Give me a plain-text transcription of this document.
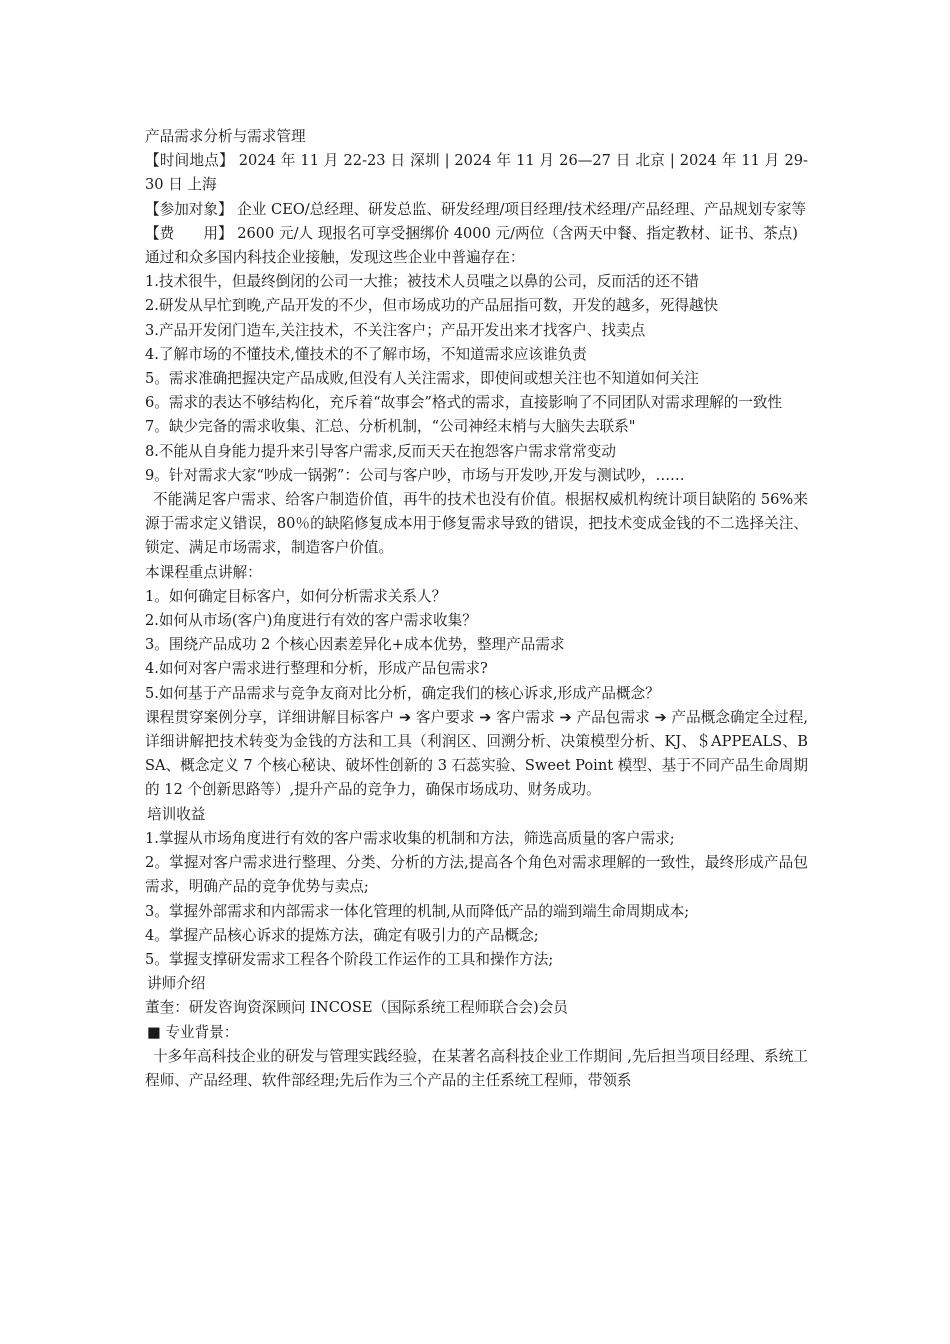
产品需求分析与需求管理

【时间地点】 2024 年 11 月 22-23 日 深圳 | 2024 年 11 月 26—27 日 北京 | 2024 年 11 月 29-30 日 上海

【参加对象】 企业 CEO/总经理、研发总监、研发经理/项目经理/技术经理/产品经理、产品规划专家等

【费　　用】 2600 元/人 现报名可享受捆绑价 4000 元/两位（含两天中餐、指定教材、证书、茶点)

通过和众多国内科技企业接触，发现这些企业中普遍存在：

1.技术很牛，但最终倒闭的公司一大推；被技术人员嗤之以鼻的公司，反而活的还不错

2.研发从早忙到晚,产品开发的不少，但市场成功的产品屈指可数，开发的越多，死得越快

3.产品开发闭门造车,关注技术，不关注客户；产品开发出来才找客户、找卖点

4.了解市场的不懂技术,懂技术的不了解市场，不知道需求应该谁负责

5。需求准确把握决定产品成败,但没有人关注需求，即使间或想关注也不知道如何关注

6。需求的表达不够结构化，充斥着“故事会”格式的需求，直接影响了不同团队对需求理解的一致性

7。缺少完备的需求收集、汇总、分析机制，“公司神经末梢与大脑失去联系"

8.不能从自身能力提升来引导客户需求,反而天天在抱怨客户需求常常变动

9。针对需求大家“吵成一锅粥”：公司与客户吵，市场与开发吵,开发与测试吵，……

不能满足客户需求、给客户制造价值，再牛的技术也没有价值。根据权威机构统计项目缺陷的 56%来源于需求定义错误，80％的缺陷修复成本用于修复需求导致的错误，把技术变成金钱的不二选择关注、锁定、满足市场需求，制造客户价值。

本课程重点讲解：

1。如何确定目标客户，如何分析需求关系人？

2.如何从市场(客户)角度进行有效的客户需求收集？

3。围绕产品成功 2 个核心因素差异化+成本优势，整理产品需求

4.如何对客户需求进行整理和分析，形成产品包需求?

5.如何基于产品需求与竞争友商对比分析，确定我们的核心诉求,形成产品概念？

课程贯穿案例分享，详细讲解目标客户 ➔ 客户要求 ➔ 客户需求 ➔ 产品包需求 ➔ 产品概念确定全过程,详细讲解把技术转变为金钱的方法和工具（利润区、回溯分析、决策模型分析、KJ、＄APPEALS、BSA、概念定义 7 个核心秘诀、破坏性创新的 3 石蕊实验、Sweet Point 模型、基于不同产品生命周期的 12 个创新思路等）,提升产品的竞争力，确保市场成功、财务成功。

培训收益

1.掌握从市场角度进行有效的客户需求收集的机制和方法，筛选高质量的客户需求;

2。掌握对客户需求进行整理、分类、分析的方法,提高各个角色对需求理解的一致性，最终形成产品包需求，明确产品的竞争优势与卖点;

3。掌握外部需求和内部需求一体化管理的机制,从而降低产品的端到端生命周期成本;

4。掌握产品核心诉求的提炼方法，确定有吸引力的产品概念;

5。掌握支撑研发需求工程各个阶段工作运作的工具和操作方法;

讲师介绍

董奎：研发咨询资深顾问 INCOSE（国际系统工程师联合会)会员

■ 专业背景：

十多年高科技企业的研发与管理实践经验，在某著名高科技企业工作期间 ,先后担当项目经理、系统工程师、产品经理、软件部经理;先后作为三个产品的主任系统工程师，带领系
